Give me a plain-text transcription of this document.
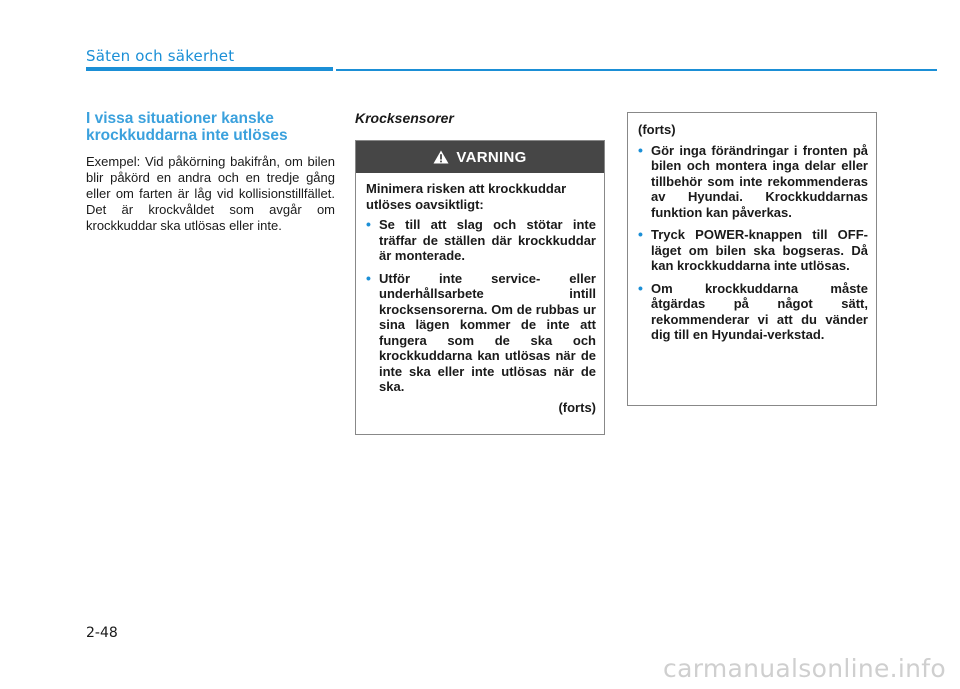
Säten och säkerhet
I vissa situationer kanske krockkuddarna inte utlöses

Exempel: Vid påkörning bakifrån, om bilen blir påkörd en andra och en tredje gång eller om farten är låg vid kollisionstillfället. Det är krockvåldet som avgår om krockkuddar ska utlösas eller inte.

Krocksensorer
VARNING

Minimera risken att krockkuddar utlöses oavsiktligt:

• Se till att slag och stötar inte träffar de ställen där krockkuddar är monterade.
• Utför inte service- eller underhållsarbete intill krocksensorerna. Om de rubbas ur sina lägen kommer de inte att fungera som de ska och krockkuddarna kan utlösas när de inte ska eller inte utlösas när de ska.
(forts)

(forts)

• Gör inga förändringar i fronten på bilen och montera inga delar eller tillbehör som inte rekommenderas av Hyundai. Krockkuddarnas funktion kan påverkas.
• Tryck POWER-knappen till OFF-läget om bilen ska bogseras. Då kan krockkuddarna inte utlösas.
• Om krockkuddarna måste åtgärdas på något sätt, rekommenderar vi att du vänder dig till en Hyundai-verkstad.
2-48
carmanualsonline.info
